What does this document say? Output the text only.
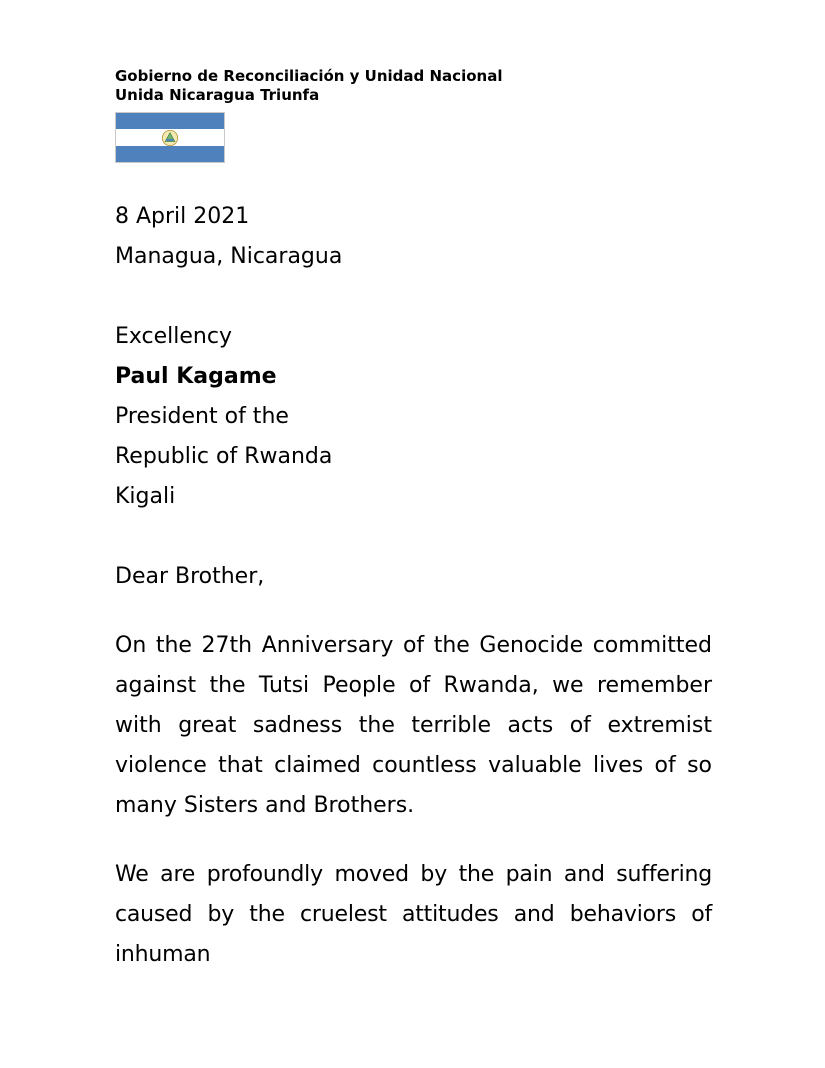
Gobierno de Reconciliación y Unidad Nacional
Unida Nicaragua Triunfa
8 April 2021
Managua, Nicaragua
Excellency
Paul Kagame
President of the
Republic of Rwanda
Kigali
Dear Brother,
On the 27th Anniversary of the Genocide committed against the Tutsi People of Rwanda, we remember with great sadness the terrible acts of extremist violence that claimed countless valuable lives of so many Sisters and Brothers.
We are profoundly moved by the pain and suffering caused by the cruelest attitudes and behaviors of inhuman
